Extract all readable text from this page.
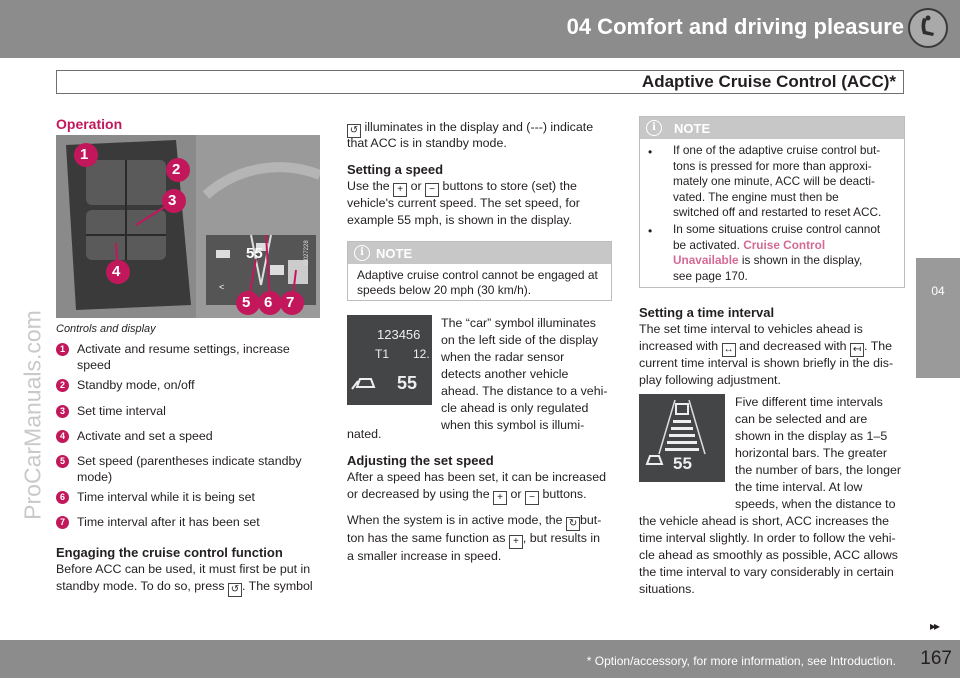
04 Comfort and driving pleasure
Adaptive Cruise Control (ACC)*
04
ProCarManuals.com
Operation
<
1
2
3
4
5 6 7
55	G027228
Controls and display
1 Activate and resume settings, increase speed
2 Standby mode, on/off
3 Set time interval
4 Activate and set a speed
5 Set speed (parentheses indicate standby mode)
6 Time interval while it is being set
7 Time interval after it has been set
Engaging the cruise control function
Before ACC can be used, it must first be put in
standby mode. To do so, press ↺ . The symbol
↺ illuminates in the display and (---) indicate
that ACC is in standby mode.
Setting a speed
Use the + or − buttons to store (set) the
vehicle's current speed. The set speed, for
example 55 mph, is shown in the display.
i NOTE
Adaptive cruise control cannot be engaged at speeds below 20 mph (30 km/h).
123456
T1 12.
55
The “car” symbol illuminates
on the left side of the display
when the radar sensor
detects another vehicle
ahead. The distance to a vehi-
cle ahead is only regulated
when this symbol is illumi-
nated.
Adjusting the set speed
After a speed has been set, it can be increased
or decreased by using the + or − buttons.
When the system is in active mode, the ↻ but-
ton has the same function as + , but results in
a smaller increase in speed.
i	NOTE
• If one of the adaptive cruise control but-
tons is pressed for more than approxi-
mately one minute, ACC will be deacti-
vated. The engine must then be
switched off and restarted to reset ACC.
• In some situations cruise control cannot
be activated. Cruise Control
Unavailable is shown in the display,
see page 170.
Setting a time interval
The set time interval to vehicles ahead is
increased with ↔ and decreased with ↤ . The
current time interval is shown briefly in the dis-
play following adjustment.
55
Five different time intervals
can be selected and are
shown in the display as 1–5
horizontal bars. The greater
the number of bars, the longer
the time interval. At low
speeds, when the distance to
the vehicle ahead is short, ACC increases the
time interval slightly. In order to follow the vehi-
cle ahead as smoothly as possible, ACC allows
the time interval to vary considerably in certain
situations.
▸▸
* Option/accessory, for more information, see Introduction. 167
